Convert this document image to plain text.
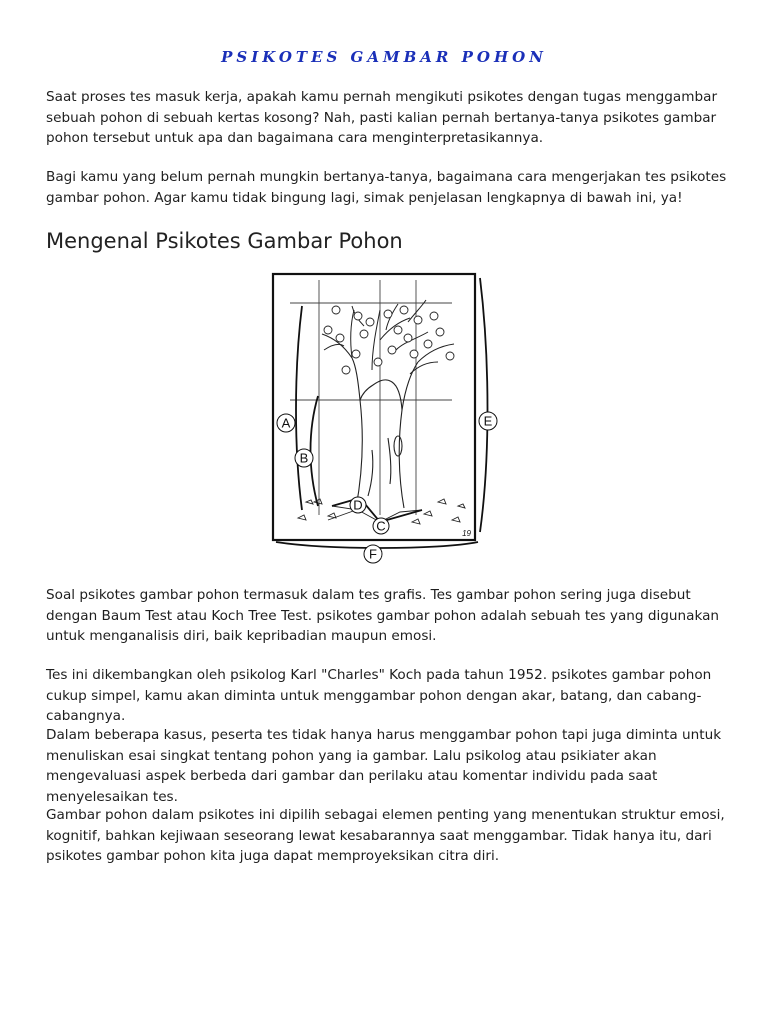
PSIKOTES GAMBAR POHON

Saat proses tes masuk kerja, apakah kamu pernah mengikuti psikotes dengan tugas menggambar sebuah pohon di sebuah kertas kosong? Nah, pasti kalian pernah bertanya-tanya psikotes gambar pohon tersebut untuk apa dan bagaimana cara menginterpretasikannya.

Bagi kamu yang belum pernah mungkin bertanya-tanya, bagaimana cara mengerjakan tes psikotes gambar pohon. Agar kamu tidak bingung lagi, simak penjelasan lengkapnya di bawah ini, ya!

Mengenal Psikotes Gambar Pohon
A
B
C
D
E
F
19

Soal psikotes gambar pohon termasuk dalam tes grafis. Tes gambar pohon sering juga disebut dengan Baum Test atau Koch Tree Test. psikotes gambar pohon adalah sebuah tes yang digunakan untuk menganalisis diri, baik kepribadian maupun emosi.

Tes ini dikembangkan oleh psikolog Karl "Charles" Koch pada tahun 1952. psikotes gambar pohon cukup simpel, kamu akan diminta untuk menggambar pohon dengan akar, batang, dan cabang-cabangnya.

Dalam beberapa kasus, peserta tes tidak hanya harus menggambar pohon tapi juga diminta untuk menuliskan esai singkat tentang pohon yang ia gambar. Lalu psikolog atau psikiater akan mengevaluasi aspek berbeda dari gambar dan perilaku atau komentar individu pada saat menyelesaikan tes.

Gambar pohon dalam psikotes ini dipilih sebagai elemen penting yang menentukan struktur emosi, kognitif, bahkan kejiwaan seseorang lewat kesabarannya saat menggambar. Tidak hanya itu, dari psikotes gambar pohon kita juga dapat memproyeksikan citra diri.
